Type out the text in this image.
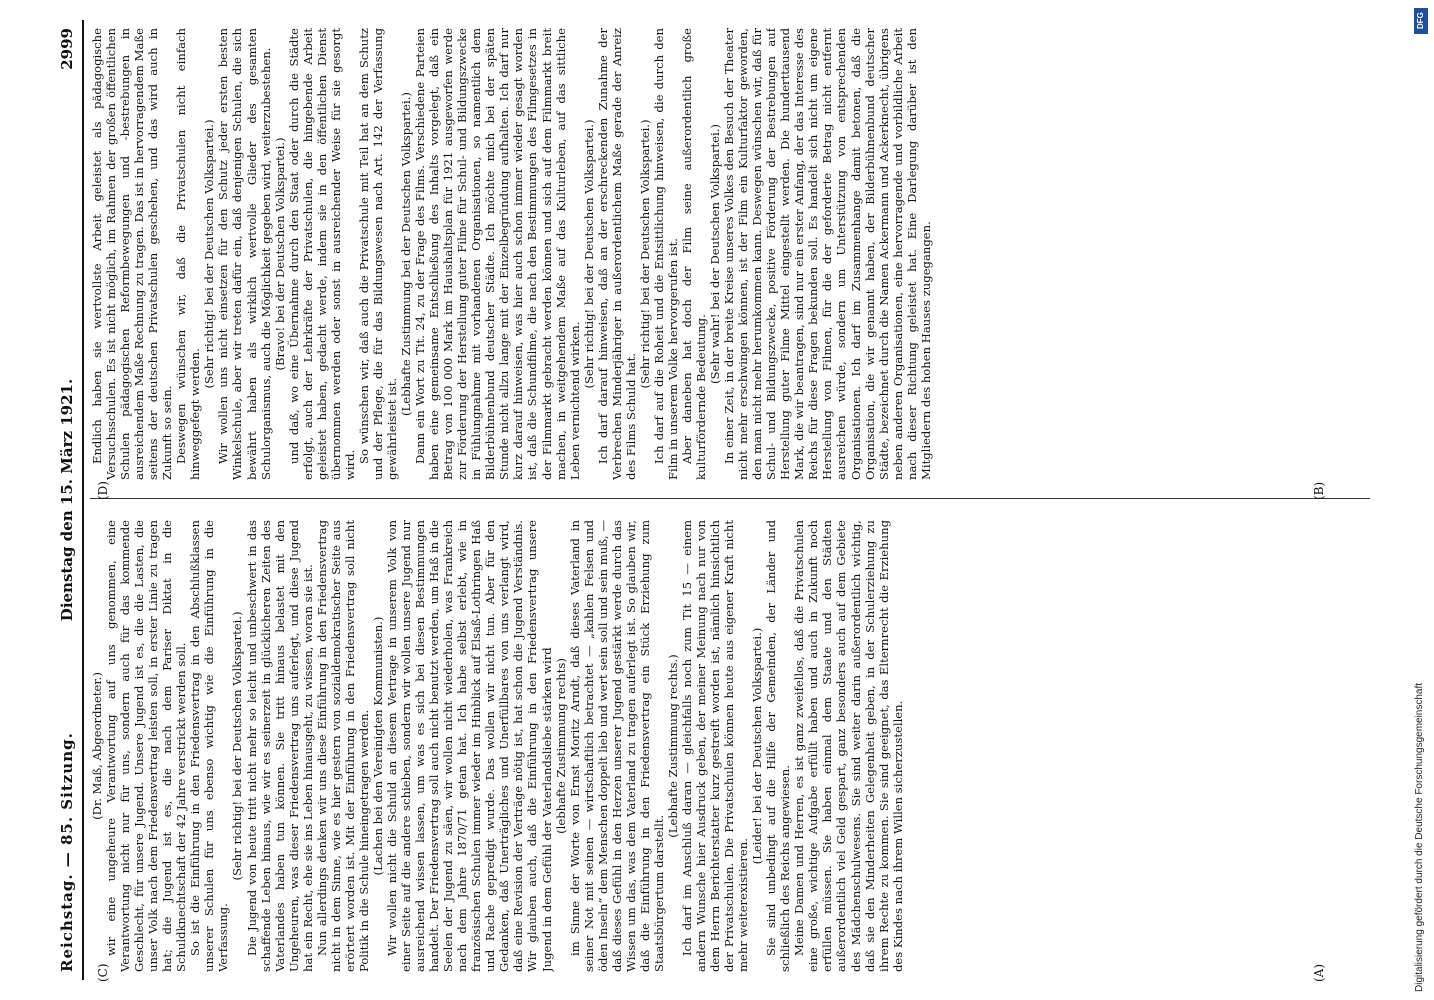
Reichstag. — 85. Sitzung.
Dienstag den 15. März 1921.
2999

(Dr. Maß, Abgeordneter.) wir eine ungeheure Verantwortung auf uns genommen, eine Verantwortung nicht nur für uns, sondern auch für das kommende Geschlecht, für unsere Jugend. Unsere Jugend ist es, die die Lasten, die unser Volk nach dem Friedensvertrag leisten soll, in erster Linie zu tragen hat; die Jugend ist es, die nach dem Pariser Diktat in die Schuldknechtschaft der 42 Jahre verstrickt werden soll. So ist die Einführung in den Friedensvertrag in den Abschlußklassen unserer Schulen für uns ebenso wichtig wie die Einführung in die Verfassung.

(Sehr richtig! bei der Deutschen Volkspartei.) Die Jugend von heute tritt nicht mehr so leicht und unbeschwert in das schaffende Leben hinaus, wie wir es seinerzeit in glücklicheren Zeiten des Vaterlandes haben tun können. Sie tritt hinaus belastet mit den Ungeheuren, was dieser Friedensvertrag uns auferlegt, und diese Jugend hat ein Recht, ehe sie ins Leben hinausgeht, zu wissen, woran sie ist. Nun allerdings denken wir uns diese Einführung in den Friedensvertrag nicht in dem Sinne, wie es hier gestern von sozialdemokratischer Seite aus erörtert worden ist. Mit der Einführung in den Friedensvertrag soll nicht Politik in die Schule hineingetragen werden. (Lachen bei den Vereinigten Kommunisten.) Wir wollen nicht die Schuld an diesem Vertrage in unserem Volk von einer Seite auf die andere schieben, sondern wir wollen unsere Jugend nur ausreichend wissen lassen, um was es sich bei diesen Bestimmungen handelt. Der Friedensvertrag soll auch nicht benutzt werden, um Haß in die Seelen der Jugend zu säen, wir wollen nicht wiederholen, was Frankreich nach dem Jahre 1870/71 getan hat. Ich habe selbst erlebt, wie in französischen Schulen immer wieder im Hinblick auf Elsaß-Lothringen Haß und Rache gepredigt wurde. Das wollen wir nicht tun. Aber für den Gedanken, daß Unerträgliches und Unerfüllbares von uns verlangt wird, daß eine Revision der Verträge nötig ist, hat schon die Jugend Verständnis. Wir glauben auch, daß die Einführung in den Friedensvertrag unsere Jugend in dem Gefühl der Vaterlandsliebe stärken wird (lebhafte Zustimmung rechts) im Sinne der Worte von Ernst Moritz Arndt, daß dieses Vaterland in seiner Not mit seinen — wirtschaftlich betrachtet — „kahlen Felsen und öden Inseln“ dem Menschen doppelt lieb und wert sein soll und sein muß, — daß dieses Gefühl in den Herzen unserer Jugend gestärkt werde durch das Wissen um das, was dem Vaterland zu tragen auferlegt ist. So glauben wir, daß die Einführung in den Friedensvertrag ein Stück Erziehung zum Staatsbürgertum darstellt.

(Lebhafte Zustimmung rechts.) Ich darf im Anschluß daran — gleichfalls noch zum Tit 15 — einem andern Wunsche hier Ausdruck geben, der meiner Meinung nach nur von dem Herrn Berichterstatter kurz gestreift worden ist, nämlich hinsichtlich der Privatschulen. Die Privatschulen können heute aus eigener Kraft nicht mehr weiterexistieren.

(Leider! bei der Deutschen Volkspartei.) Sie sind unbedingt auf die Hilfe der Gemeinden, der Länder und schließlich des Reichs angewiesen. Meine Damen und Herren, es ist ganz zweifellos, daß die Privatschulen eine große, wichtige Aufgabe erfüllt haben und auch in Zukunft noch erfüllen müssen. Sie haben einmal dem Staate und den Städten außerordentlich viel Geld gespart, ganz besonders auch auf dem Gebiete des Mädchenschulwesens. Sie sind weiter darin außerordentlich wichtig, daß sie den Minderheiten Gelegenheit geben, in der Schulerziehung zu ihrem Rechte zu kommen. Sie sind geeignet, das Elternrecht die Erziehung des Kindes nach ihrem Willen sicherzustellen.

Endlich haben sie wertvollste Arbeit geleistet als pädagogische Versuchsschulen. Es ist nicht möglich, im Rahmen der großen öffentlichen Schulen pädagogischen Reformbewegungen und -bestrebungen in ausreichendem Maße Rechnung zu tragen. Das ist in hervorragendem Maße seitens der deutschen Privatschulen geschehen, und das wird auch in Zukunft so sein. Deswegen wünschen wir, daß die Privatschulen nicht einfach hinweggefegt werden.

(Sehr richtig! bei der Deutschen Volkspartei.) Wir wollen uns nicht einsetzen für den Schutz jeder ersten besten Winkelschule, aber wir treten dafür ein, daß denjenigen Schulen, die sich bewährt haben als wirklich wertvolle Glieder des gesamten Schulorganismus, auch die Möglichkeit gegeben wird, weiterzubestehen. (Bravo! bei der Deutschen Volkspartei.) und daß, wo eine Übernahme durch den Staat oder durch die Städte erfolgt, auch der Lehrkräfte der Privatschulen, die hingebende Arbeit geleistet haben, gedacht werde, indem sie in den öffentlichen Dienst übernommen werden oder sonst in ausreichender Weise für sie gesorgt wird.

So wünschen wir, daß auch die Privatschule mit Teil hat an dem Schutz und der Pflege, die für das Bildungswesen nach Art. 142 der Verfassung gewährleistet ist.

(Lebhafte Zustimmung bei der Deutschen Volkspartei.) Dann ein Wort zu Tit. 24, zu der Frage des Films. Verschiedene Parteien haben eine gemeinsame Entschließung des Inhalts vorgelegt, daß ein Betrag von 100 000 Mark im Haushaltsplan für 1921 ausgeworfen werde zur Förderung der Herstellung guter Filme für Schul- und Bildungszwecke in Fühlungnahme mit vorhandenen Organisationen, so namentlich dem Bilderbühnenbund deutscher Städte. Ich möchte mich bei der späten Stunde nicht allzu lange mit der Einzelbegründung aufhalten. Ich darf nur kurz darauf hinweisen, was hier auch schon immer wieder gesagt worden ist, daß die Schundfilme, die nach den Bestimmungen des Filmgesetzes in der Filmmarkt gebracht werden können und sich auf dem Filmmarkt breit machen, in weitgehendem Maße auf das Kulturleben, auf das sittliche Leben vernichtend wirken.

(Sehr richtig! bei der Deutschen Volkspartei.) Ich darf darauf hinweisen, daß an der erschreckenden Zunahme der Verbrechen Minderjähriger in außerordentlichem Maße gerade der Anreiz des Films Schuld hat.

(Sehr richtig! bei der Deutschen Volkspartei.) Ich darf auf die Roheit und die Entsittlichung hinweisen, die durch den Film in unserem Volke hervorgerufen ist. Aber daneben hat doch der Film seine außerordentlich große kulturfördernde Bedeutung.

(Sehr wahr! bei der Deutschen Volkspartei.) In einer Zeit, in der breite Kreise unseres Volkes den Besuch der Theater nicht mehr erschwingen können, ist der Film ein Kulturfaktor geworden, den man nicht mehr herumkommen kann. Deswegen wünschen wir, daß für Schul- und Bildungszwecke, positive Förderung der Bestrebungen auf Herstellung guter Filme Mittel eingestellt werden. Die hunderttausend Mark, die wir beantragen, sind nur ein erster Anfang, der das Interesse des Reichs für diese Fragen bekunden soll. Es handelt sich nicht um eigene Herstellung von Filmen, für die der geforderte Betrag nicht entfernt ausreichen würde, sondern um Unterstützung von entsprechenden Organisationen. Ich darf im Zusammenhange damit betonen, daß die Organisation, die wir genannt haben, der Bilderbühnenbund deutscher Städte, bezeichnet durch die Namen Ackermann und Ackerknecht, übrigens neben anderen Organisationen, eine hervorragende und vorbildliche Arbeit nach dieser Richtung geleistet hat. Eine Darlegung darüber ist den Mitgliedern des hohen Hauses zugegangen.

(A)
(B)
(C)
(D)
DFG
Digitalisierung gefördert durch die Deutsche Forschungsgemeinschaft
